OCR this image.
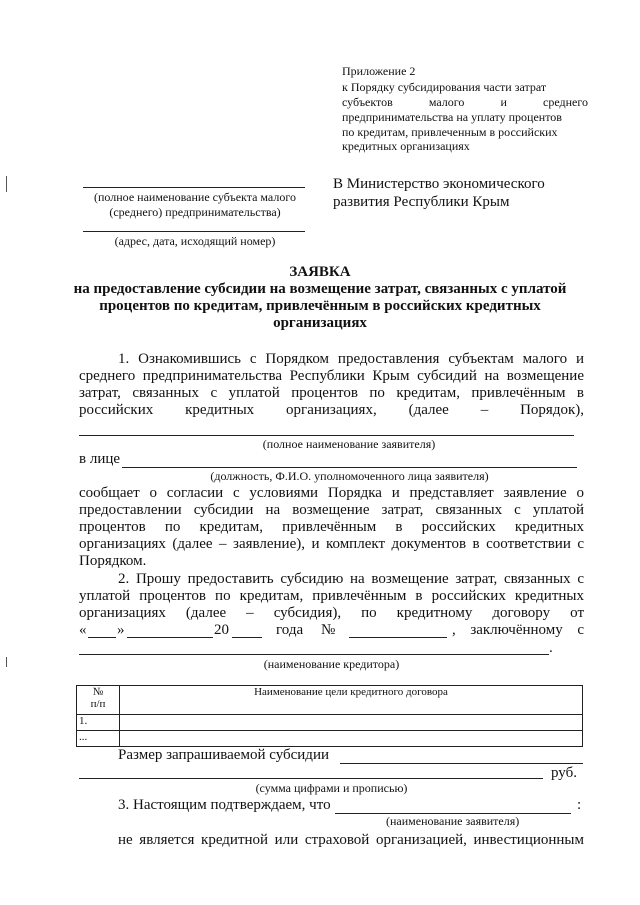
Приложение 2
к Порядку субсидирования части затрат
субъектов малого и среднего
предпринимательства на уплату процентов
по кредитам, привлеченным в российских
кредитных организациях
(полное наименование субъекта малого
(среднего) предпринимательства)
(адрес, дата, исходящий номер)
В Министерство экономического
развития Республики Крым
ЗАЯВКА
на предоставление субсидии на возмещение затрат, связанных с уплатой
процентов по кредитам, привлечённым в российских кредитных
организациях
1. Ознакомившись с Порядком предоставления субъектам малого и
среднего предпринимательства Республики Крым субсидий на возмещение
затрат, связанных с уплатой процентов по кредитам, привлечённым в
российских кредитных организациях, (далее – Порядок),
(полное наименование заявителя)
в лице
(должность, Ф.И.О. уполномоченного лица заявителя)
сообщает о согласии с условиями Порядка и представляет заявление о
предоставлении субсидии на возмещение затрат, связанных с уплатой
процентов по кредитам, привлечённым в российских кредитных
организациях (далее – заявление), и комплект документов в соответствии с
Порядком.
2. Прошу предоставить субсидию на возмещение затрат, связанных с
уплатой процентов по кредитам, привлечённым в российских кредитных
организациях (далее – субсидия), по кредитному договору от
« »	20	года №	, заключённому с
.
(наименование кредитора)
№
п/п	Наименование цели кредитного договора
1.	
...	
Размер запрашиваемой субсидии
руб.
(сумма цифрами и прописью)
3. Настоящим подтверждаем, что	:
(наименование заявителя)
не является кредитной или страховой организацией, инвестиционным
